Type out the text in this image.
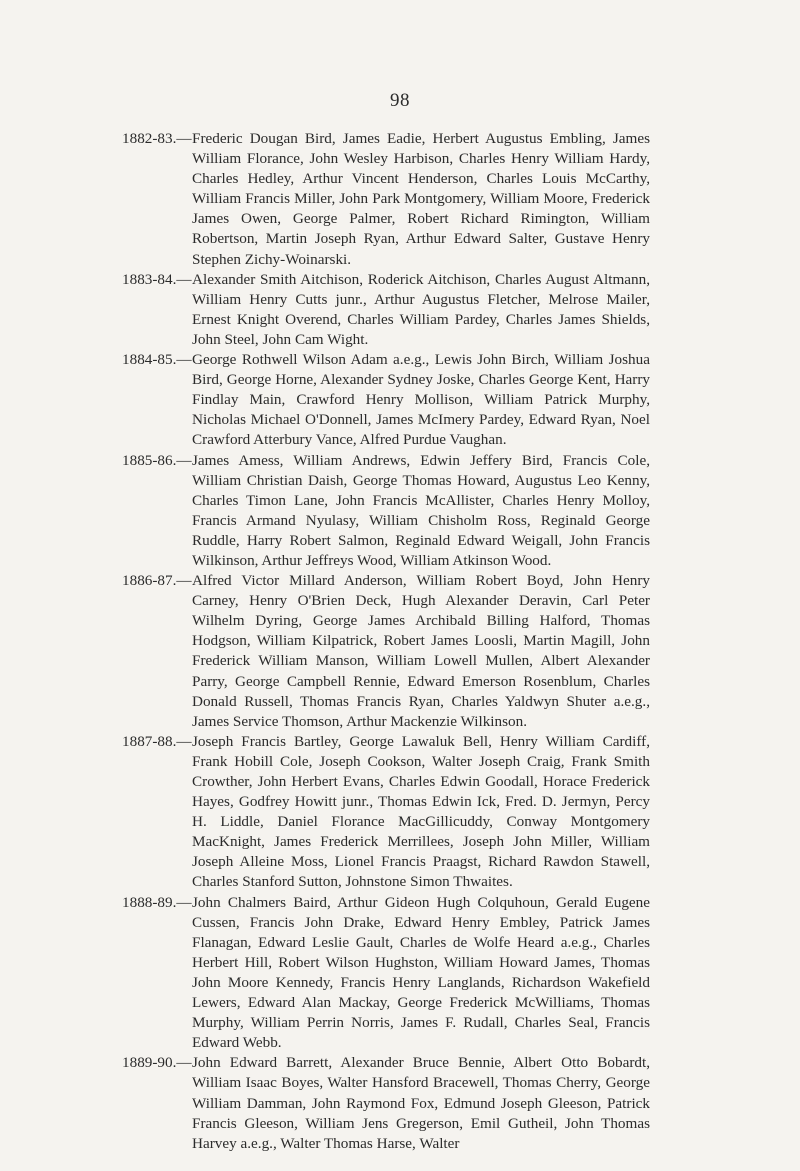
98

1882-83.— Frederic Dougan Bird, James Eadie, Herbert Augustus Embling, James William Florance, John Wesley Harbison, Charles Henry William Hardy, Charles Hedley, Arthur Vincent Henderson, Charles Louis McCarthy, William Francis Miller, John Park Montgomery, William Moore, Frederick James Owen, George Palmer, Robert Richard Rimington, William Robertson, Martin Joseph Ryan, Arthur Edward Salter, Gustave Henry Stephen Zichy-Woinarski.

1883-84.— Alexander Smith Aitchison, Roderick Aitchison, Charles August Altmann, William Henry Cutts junr., Arthur Augustus Fletcher, Melrose Mailer, Ernest Knight Overend, Charles William Pardey, Charles James Shields, John Steel, John Cam Wight.

1884-85.— George Rothwell Wilson Adam a.e.g., Lewis John Birch, William Joshua Bird, George Horne, Alexander Sydney Joske, Charles George Kent, Harry Findlay Main, Crawford Henry Mollison, William Patrick Murphy, Nicholas Michael O'Donnell, James McImery Pardey, Edward Ryan, Noel Crawford Atterbury Vance, Alfred Purdue Vaughan.

1885-86.— James Amess, William Andrews, Edwin Jeffery Bird, Francis Cole, William Christian Daish, George Thomas Howard, Augustus Leo Kenny, Charles Timon Lane, John Francis McAllister, Charles Henry Molloy, Francis Armand Nyulasy, William Chisholm Ross, Reginald George Ruddle, Harry Robert Salmon, Reginald Edward Weigall, John Francis Wilkinson, Arthur Jeffreys Wood, William Atkinson Wood.

1886-87.— Alfred Victor Millard Anderson, William Robert Boyd, John Henry Carney, Henry O'Brien Deck, Hugh Alexander Deravin, Carl Peter Wilhelm Dyring, George James Archibald Billing Halford, Thomas Hodgson, William Kilpatrick, Robert James Loosli, Martin Magill, John Frederick William Manson, William Lowell Mullen, Albert Alexander Parry, George Campbell Rennie, Edward Emerson Rosenblum, Charles Donald Russell, Thomas Francis Ryan, Charles Yaldwyn Shuter a.e.g., James Service Thomson, Arthur Mackenzie Wilkinson.

1887-88.— Joseph Francis Bartley, George Lawaluk Bell, Henry William Cardiff, Frank Hobill Cole, Joseph Cookson, Walter Joseph Craig, Frank Smith Crowther, John Herbert Evans, Charles Edwin Goodall, Horace Frederick Hayes, Godfrey Howitt junr., Thomas Edwin Ick, Fred. D. Jermyn, Percy H. Liddle, Daniel Florance MacGillicuddy, Conway Montgomery MacKnight, James Frederick Merrillees, Joseph John Miller, William Joseph Alleine Moss, Lionel Francis Praagst, Richard Rawdon Stawell, Charles Stanford Sutton, Johnstone Simon Thwaites.

1888-89.— John Chalmers Baird, Arthur Gideon Hugh Colquhoun, Gerald Eugene Cussen, Francis John Drake, Edward Henry Embley, Patrick James Flanagan, Edward Leslie Gault, Charles de Wolfe Heard a.e.g., Charles Herbert Hill, Robert Wilson Hughston, William Howard James, Thomas John Moore Kennedy, Francis Henry Langlands, Richardson Wakefield Lewers, Edward Alan Mackay, George Frederick McWilliams, Thomas Murphy, William Perrin Norris, James F. Rudall, Charles Seal, Francis Edward Webb.

1889-90.— John Edward Barrett, Alexander Bruce Bennie, Albert Otto Bobardt, William Isaac Boyes, Walter Hansford Bracewell, Thomas Cherry, George William Damman, John Raymond Fox, Edmund Joseph Gleeson, Patrick Francis Gleeson, William Jens Gregerson, Emil Gutheil, John Thomas Harvey a.e.g., Walter Thomas Harse, Walter
